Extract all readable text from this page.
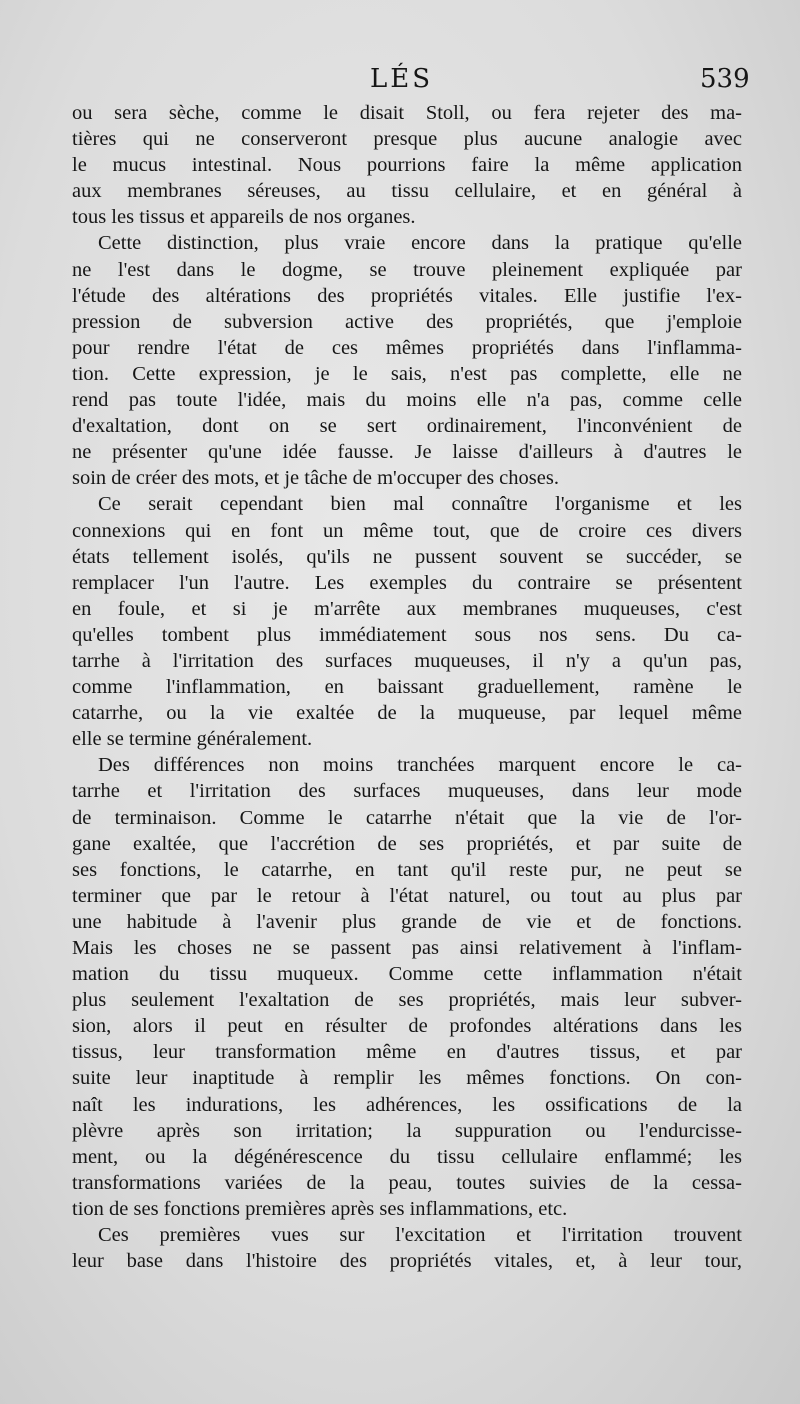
LÉS	539
ou sera sèche, comme le disait Stoll, ou fera rejeter des ma-
tières qui ne conserveront presque plus aucune analogie avec
le mucus intestinal. Nous pourrions faire la même application
aux membranes séreuses, au tissu cellulaire, et en général à
tous les tissus et appareils de nos organes.
Cette distinction, plus vraie encore dans la pratique qu'elle
ne l'est dans le dogme, se trouve pleinement expliquée par
l'étude des altérations des propriétés vitales. Elle justifie l'ex-
pression de subversion active des propriétés, que j'emploie
pour rendre l'état de ces mêmes propriétés dans l'inflamma-
tion. Cette expression, je le sais, n'est pas complette, elle ne
rend pas toute l'idée, mais du moins elle n'a pas, comme celle
d'exaltation, dont on se sert ordinairement, l'inconvénient de
ne présenter qu'une idée fausse. Je laisse d'ailleurs à d'autres le
soin de créer des mots, et je tâche de m'occuper des choses.
Ce serait cependant bien mal connaître l'organisme et les
connexions qui en font un même tout, que de croire ces divers
états tellement isolés, qu'ils ne pussent souvent se succéder, se
remplacer l'un l'autre. Les exemples du contraire se présentent
en foule, et si je m'arrête aux membranes muqueuses, c'est
qu'elles tombent plus immédiatement sous nos sens. Du ca-
tarrhe à l'irritation des surfaces muqueuses, il n'y a qu'un pas,
comme l'inflammation, en baissant graduellement, ramène le
catarrhe, ou la vie exaltée de la muqueuse, par lequel même
elle se termine généralement.
Des différences non moins tranchées marquent encore le ca-
tarrhe et l'irritation des surfaces muqueuses, dans leur mode
de terminaison. Comme le catarrhe n'était que la vie de l'or-
gane exaltée, que l'accrétion de ses propriétés, et par suite de
ses fonctions, le catarrhe, en tant qu'il reste pur, ne peut se
terminer que par le retour à l'état naturel, ou tout au plus par
une habitude à l'avenir plus grande de vie et de fonctions.
Mais les choses ne se passent pas ainsi relativement à l'inflam-
mation du tissu muqueux. Comme cette inflammation n'était
plus seulement l'exaltation de ses propriétés, mais leur subver-
sion, alors il peut en résulter de profondes altérations dans les
tissus, leur transformation même en d'autres tissus, et par
suite leur inaptitude à remplir les mêmes fonctions. On con-
naît les indurations, les adhérences, les ossifications de la
plèvre après son irritation; la suppuration ou l'endurcisse-
ment, ou la dégénérescence du tissu cellulaire enflammé; les
transformations variées de la peau, toutes suivies de la cessa-
tion de ses fonctions premières après ses inflammations, etc.
Ces premières vues sur l'excitation et l'irritation trouvent
leur base dans l'histoire des propriétés vitales, et, à leur tour,
